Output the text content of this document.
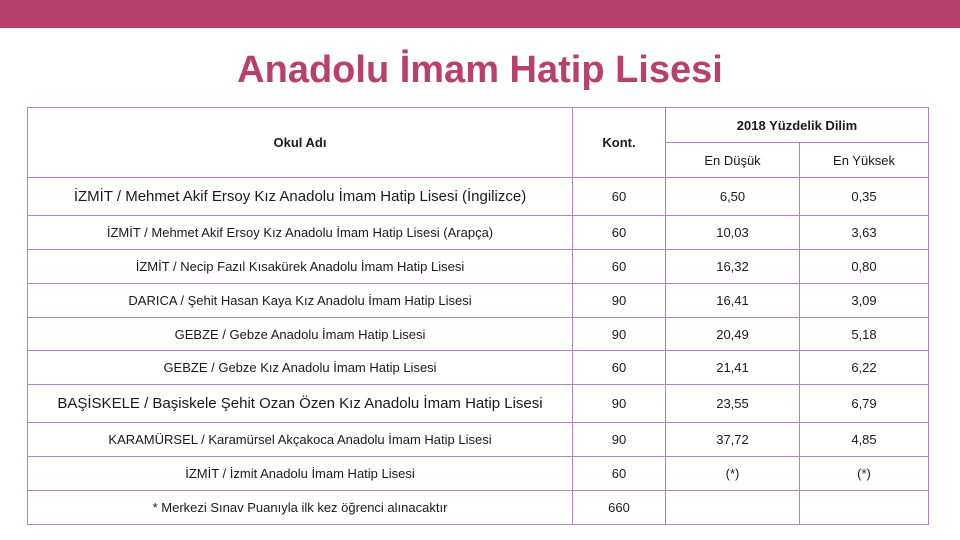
Anadolu İmam Hatip Lisesi
Okul Adı	Kont.	2018 Yüzdelik Dilim	
		En Düşük	En Yüksek
İZMİT / Mehmet Akif Ersoy Kız Anadolu İmam Hatip Lisesi (İngilizce)	60	6,50	0,35
İZMİT / Mehmet Akif Ersoy Kız Anadolu İmam Hatip Lisesi (Arapça)	60	10,03	3,63
İZMİT / Necip Fazıl Kısakürek Anadolu İmam Hatip Lisesi	60	16,32	0,80
DARICA / Şehit Hasan Kaya Kız Anadolu İmam Hatip Lisesi	90	16,41	3,09
GEBZE / Gebze Anadolu İmam Hatip Lisesi	90	20,49	5,18
GEBZE / Gebze Kız Anadolu İmam Hatip Lisesi	60	21,41	6,22
BAŞİSKELE / Başiskele Şehit Ozan Özen Kız Anadolu İmam Hatip Lisesi	90	23,55	6,79
KARAMÜRSEL / Karamürsel Akçakoca Anadolu İmam Hatip Lisesi	90	37,72	4,85
İZMİT / İzmit Anadolu İmam Hatip Lisesi	60	(*)	(*)
* Merkezi Sınav Puanıyla ilk kez öğrenci alınacaktır	660		
